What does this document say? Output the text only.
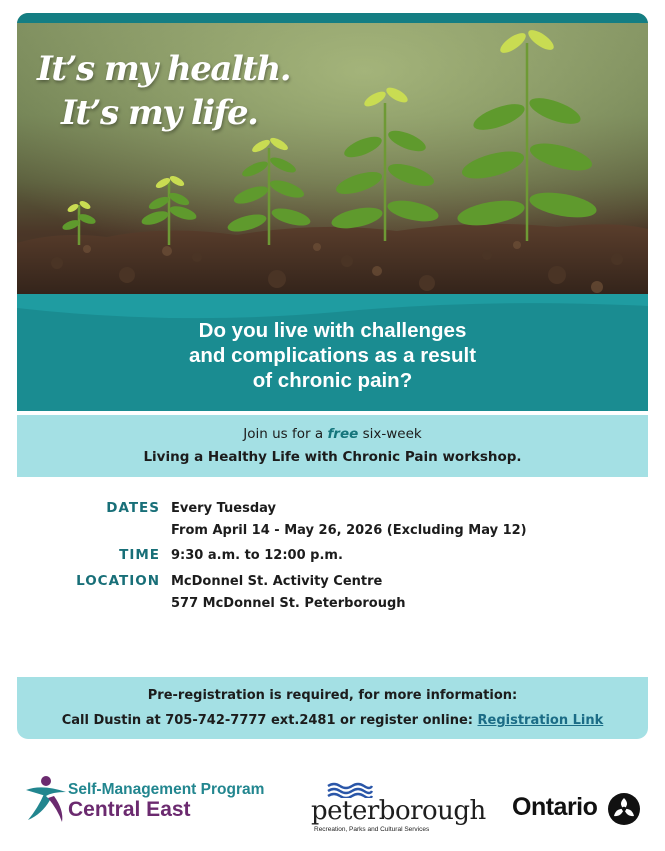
It’s my health.
It’s my life.
Do you live with challenges
and complications as a result
of chronic pain?
Join us for a free six-week
Living a Healthy Life with Chronic Pain workshop.
DATES Every Tuesday
From April 14 - May 26, 2026 (Excluding May 12)
TIME 9:30 a.m. to 12:00 p.m.
LOCATION McDonnel St. Activity Centre
577 McDonnel St. Peterborough
Pre-registration is required, for more information:
Call Dustin at 705-742-7777 ext.2481 or register online: Registration Link
Self-Management Program
Central East	peterborough
Recreation, Parks and Cultural Services
Ontario
